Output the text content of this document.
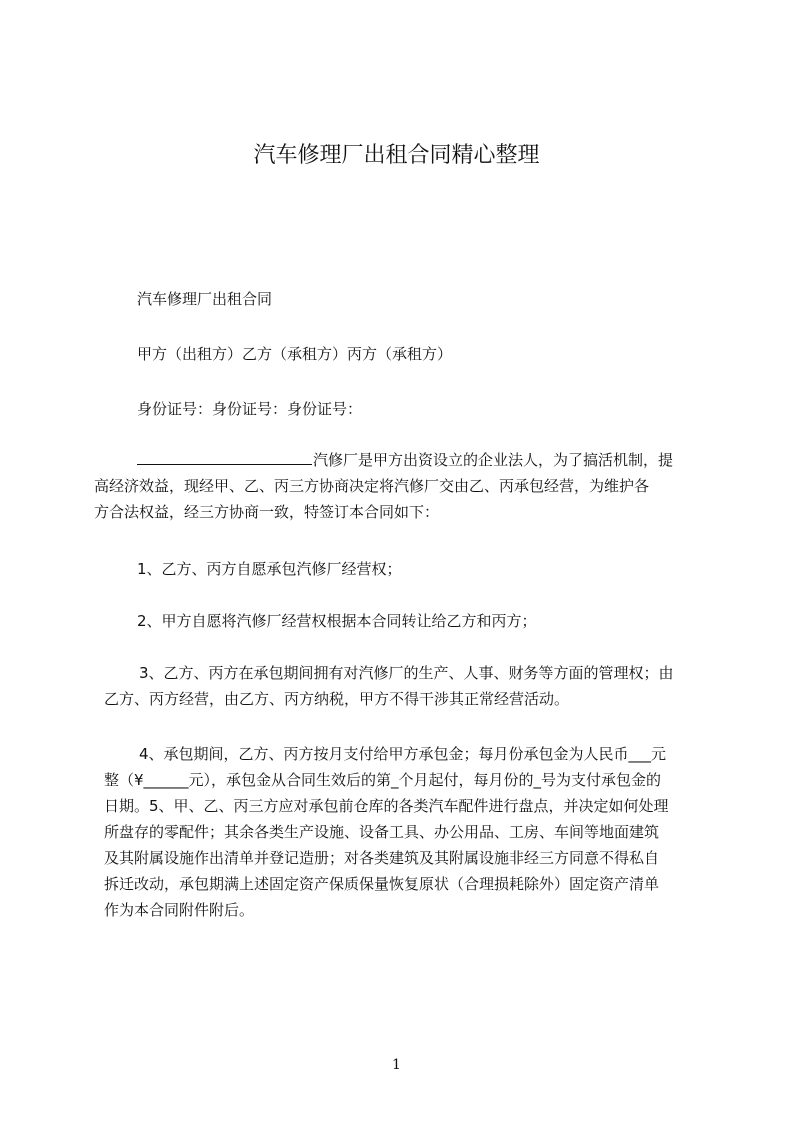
汽车修理厂出租合同精心整理
汽车修理厂出租合同
甲方（出租方）乙方（承租方）丙方（承租方）
身份证号：身份证号：身份证号：
汽修厂是甲方出资设立的企业法人，为了搞活机制，提
高经济效益，现经甲、乙、丙三方协商决定将汽修厂交由乙、丙承包经营，为维护各
方合法权益，经三方协商一致，特签订本合同如下：
1、乙方、丙方自愿承包汽修厂经营权；
2、甲方自愿将汽修厂经营权根据本合同转让给乙方和丙方；
3、乙方、丙方在承包期间拥有对汽修厂的生产、人事、财务等方面的管理权；由
乙方、丙方经营，由乙方、丙方纳税，甲方不得干涉其正常经营活动。
4、承包期间，乙方、丙方按月支付给甲方承包金；每月份承包金为人民币___元
整（¥______元），承包金从合同生效后的第_个月起付，每月份的_号为支付承包金的
日期。5、甲、乙、丙三方应对承包前仓库的各类汽车配件进行盘点，并决定如何处理
所盘存的零配件；其余各类生产设施、设备工具、办公用品、工房、车间等地面建筑
及其附属设施作出清单并登记造册；对各类建筑及其附属设施非经三方同意不得私自
拆迁改动，承包期满上述固定资产保质保量恢复原状（合理损耗除外）固定资产清单
作为本合同附件附后。
1
